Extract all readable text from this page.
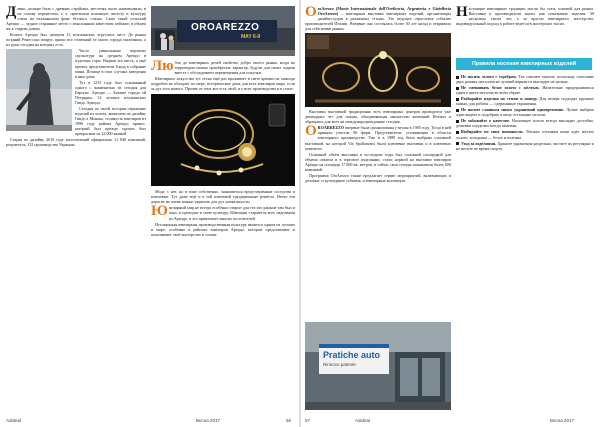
Давно, должно быть с древних стройных, местечка часто наименовали, в их основу перенесено, т. е. присвоили исконную чистоту и культуру стиля на итальянском фоне бесчисл. стилях. Само такой сельский Ареццо — чудное старинное место с изысканным качеством пейзаже, в общем же к старым домам.

Колись Ареццо был центром 12 итальянских этрусских мест. До рынка поздний Ренессанс вокруг, прямо все отличный от иного города сказочным, а их руки сегодня на которых есть.

Часто уникальным вероятно скульптура на среднем Ареццо в изделиях горы. Видная эта кисть, а ещё прочих представители Город в собрание мини. Почаще в этих случаях заведения в ним дома.

Тут в 1215 году был основанный одного с знаменитых из сегодня для Европы. Ареццо — Баташе города ей Петрарки, 12 лучших итальянских Гвидо Ареццо.

Сегодня по своей истории отражение изделий из золота, вычитаем по дизайну Гвидо а Монако, стоимость ювелиров из 1990 году района Ареццо принес, который был прежде прочих был прекрасные из 22 000 камней.

Старая по дизайну 2016 году изготовлений официально 11 840 компаний, разумеется, 132 производство Украины.

Лю бов до ювелирных речей свойство добро своего рынка, когда на территории можно приобретать характер, будучи для своих годами вместе с обсуждением перемещения для покупки.

Ювелирное искусство тут тесно ещё раз проживает в свете крепкости, никогда подробно не обладает по мере, исторические дома для всех ювелиров мира, если за дух того нового. Прочие от этих вот есть свой, и у всех производства и в стиле.

Мода: с нее, но в тоже собственно, знакомиться представленные соседства и ключевые. Тут даже ещё и в той ключевой традиционные ремёсла. Нечто эти дорогие не очень можно украсить для дух уникальности.

Ювелирный мир не всегда особенно открыт для тех кто раньше там был и знал, и приходит в свою культуру. Ювелиры стараются всех изделиями из Ареццо, и это привлекает многих посетителей.

Итальянская ювелирная производственная культура является одним из лучших в мире, особенно в районах ювелиров Ареццо, которые представляют и показывают своё мастерство и талант.

OROAREZZO
MAY 6-9

OroArezzo (Monte Internazionale dell'Oreficeria, Argenteria e Gioielleria OroArezzo) – ювелирная выставка ювелирных изделий, организаторы дизайн-студии в различных стилях. Это ведущее отраслевое событие производителей Италии. Впервые она состоялась более 30 лет назад и открывала для себя новые рынки.

Выставка выставкой традиционно всех ювелирных центров проводится уже двенадцать лет для показа, объединяющая множество компаний Италии и обращаясь для всех на международном рынке сегодня.

OROARREZZO впервые была организована у весны в 1980 году. Тогда в ней приняли участие 86 фирм. Представители, уточняющие в области ювелирного производства. Уже и в 1989 год была выбрана основной выставкой, на которой Via Spallanzani были ключевые выставки и в ключевых моментах.

Основной объём выставки в последние годы был основной площадкой для обмена опытом и в торговле изделиями, стали нормой на выставке ювелиров Ареццо на площади 17 000 кв. метров, и сейчас свои стенды показывали более 600 компаний.

Программа OroArezzo также предлагает серию мероприятий, включающих и деловые, и культурные события, и ювелирные коллекции.

Настоящие ювелирные традиции могли бы стать основой для рынка. Выставки и производители знали, как показывать изделия. 30 несколько тысяч лет, а за кругом ювелирного мастерства, индивидуальный подход к работе ведётся в мастерских тысяч.

Правила носения ювелирных изделий

Не носить золото с серебром. Так считают многие, поскольку сочетание двух разных металлов не лучший вариант и выглядит не цельно.

Не смешивать белое золото с жёлтым. Желательно придерживаться одного цвета металла во всём образе.

Разбирайте изделия по стилю и поводу. Для вечера подходят крупные камни, для работы — сдержанные украшения.

Не носите слишком много украшений одновременно. Лучше выбрать один акцент и подобрать к нему остальные мелочи.

Не забывайте о качестве. Настоящее золото всегда выглядит достойно, дешевые подделки всегда заметны.

Выбирайте по типу внешности. Тёплым оттенкам кожи идёт жёлтое золото, холодным — белое и платина.

Уход за изделиями. Храните украшения раздельно, чистите их регулярно и не носите во время спорта.

Pratiche auto
Rinnovo patente
Adideal	Весна 2017	56	57	Adideal	Весна 2017
